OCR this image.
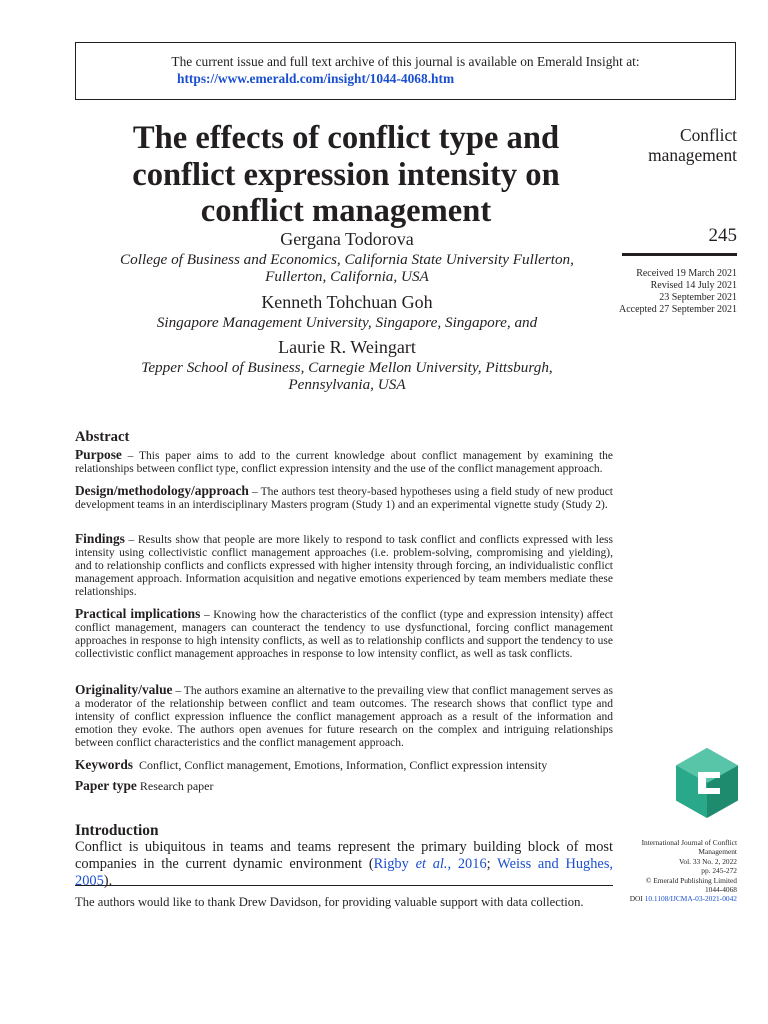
The current issue and full text archive of this journal is available on Emerald Insight at:
https://www.emerald.com/insight/1044-4068.htm
The effects of conflict type and
conflict expression intensity on
conflict management
Gergana Todorova
College of Business and Economics, California State University Fullerton,
Fullerton, California, USA
Kenneth Tohchuan Goh
Singapore Management University, Singapore, Singapore, and
Laurie R. Weingart
Tepper School of Business, Carnegie Mellon University, Pittsburgh,
Pennsylvania, USA
Conflict
management
245
Received 19 March 2021
Revised 14 July 2021
23 September 2021
Accepted 27 September 2021
International Journal of Conflict
Management
Vol. 33 No. 2, 2022
pp. 245-272
© Emerald Publishing Limited
1044-4068
DOI 10.1108/IJCMA-03-2021-0042
Abstract
Purpose – This paper aims to add to the current knowledge about conflict management by examining the relationships between conflict type, conflict expression intensity and the use of the conflict management approach.
Design/methodology/approach – The authors test theory-based hypotheses using a field study of new product development teams in an interdisciplinary Masters program (Study 1) and an experimental vignette study (Study 2).
Findings – Results show that people are more likely to respond to task conflict and conflicts expressed with less intensity using collectivistic conflict management approaches (i.e. problem-solving, compromising and yielding), and to relationship conflicts and conflicts expressed with higher intensity through forcing, an individualistic conflict management approach. Information acquisition and negative emotions experienced by team members mediate these relationships.
Practical implications – Knowing how the characteristics of the conflict (type and expression intensity) affect conflict management, managers can counteract the tendency to use dysfunctional, forcing conflict management approaches in response to high intensity conflicts, as well as to relationship conflicts and support the tendency to use collectivistic conflict management approaches in response to low intensity conflict, as well as task conflicts.
Originality/value – The authors examine an alternative to the prevailing view that conflict management serves as a moderator of the relationship between conflict and team outcomes. The research shows that conflict type and intensity of conflict expression influence the conflict management approach as a result of the information and emotion they evoke. The authors open avenues for future research on the complex and intriguing relationships between conflict characteristics and the conflict management approach.
Keywords Conflict, Conflict management, Emotions, Information, Conflict expression intensity
Paper type Research paper
Introduction
Conflict is ubiquitous in teams and teams represent the primary building block of most companies in the current dynamic environment (Rigby et al., 2016; Weiss and Hughes, 2005).
The authors would like to thank Drew Davidson, for providing valuable support with data collection.
